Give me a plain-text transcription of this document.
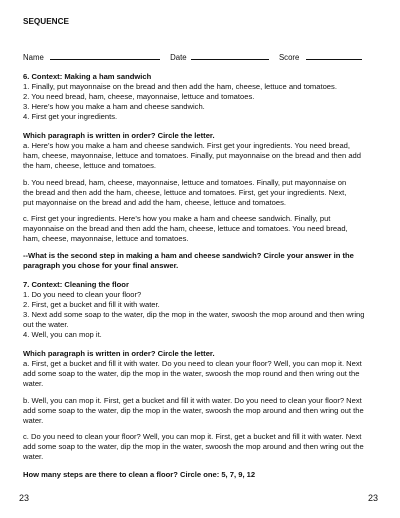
SEQUENCE
Name	Date	Score
6. Context: Making a ham sandwich
1. Finally, put mayonnaise on the bread and then add the ham, cheese, lettuce and tomatoes.
2. You need bread, ham, cheese, mayonnaise, lettuce and tomatoes.
3. Here’s how you make a ham and cheese sandwich.
4. First get your ingredients.
Which paragraph is written in order? Circle the letter.
a. Here’s how you make a ham and cheese sandwich. First get your ingredients. You need bread,
ham, cheese, mayonnaise, lettuce and tomatoes. Finally, put mayonnaise on the bread and then add
the ham, cheese, lettuce and tomatoes.
b. You need bread, ham, cheese, mayonnaise, lettuce and tomatoes. Finally, put mayonnaise on
the bread and then add the ham, cheese, lettuce and tomatoes. First, get your ingredients. Next,
put mayonnaise on the bread and add the ham, cheese, lettuce and tomatoes.
c. First get your ingredients. Here’s how you make a ham and cheese sandwich. Finally, put
mayonnaise on the bread and then add the ham, cheese, lettuce and tomatoes. You need bread,
ham, cheese, mayonnaise, lettuce and tomatoes.
--What is the second step in making a ham and cheese sandwich? Circle your answer in the
paragraph you chose for your final answer.
7. Context: Cleaning the floor
1. Do you need to clean your floor?
2. First, get a bucket and fill it with water.
3. Next add some soap to the water, dip the mop in the water, swoosh the mop around and then wring
out the water.
4. Well, you can mop it.
Which paragraph is written in order? Circle the letter.
a. First, get a bucket and fill it with water. Do you need to clean your floor? Well, you can mop it. Next
add some soap to the water, dip the mop in the water, swoosh the mop round and then wring out the
water.
b. Well, you can mop it. First, get a bucket and fill it with water. Do you need to clean your floor? Next
add some soap to the water, dip the mop in the water, swoosh the mop around and then wring out the
water.
c. Do you need to clean your floor? Well, you can mop it. First, get a bucket and fill it with water. Next
add some soap to the water, dip the mop in the water, swoosh the mop around and then wring out the
water.
How many steps are there to clean a floor? Circle one: 5, 7, 9, 12
23	23
